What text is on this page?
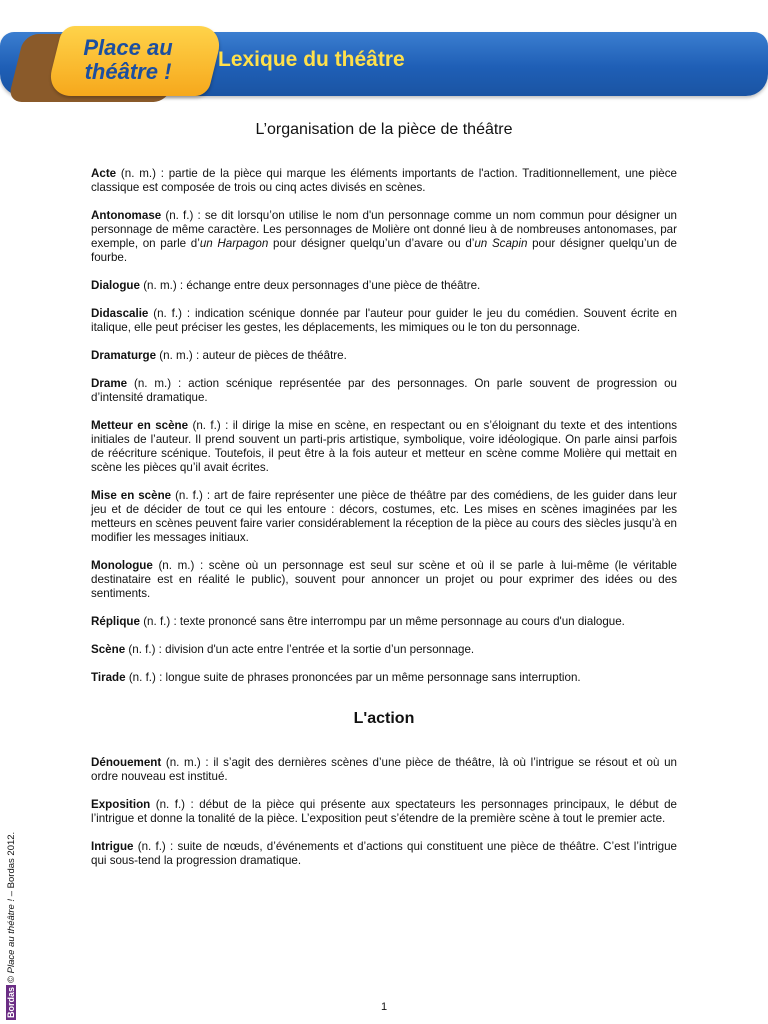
Place au
théâtre !	Lexique du théâtre
L’organisation de la pièce de théâtre

Acte (n. m.) : partie de la pièce qui marque les éléments importants de l'action. Traditionnellement, une pièce classique est composée de trois ou cinq actes divisés en scènes.

Antonomase (n. f.) : se dit lorsqu’on utilise le nom d'un personnage comme un nom commun pour désigner un personnage de même caractère. Les personnages de Molière ont donné lieu à de nombreuses antonomases, par exemple, on parle d’un Harpagon pour désigner quelqu’un d’avare ou d’un Scapin pour désigner quelqu’un de fourbe.

Dialogue (n. m.) : échange entre deux personnages d’une pièce de théâtre.

Didascalie (n. f.) : indication scénique donnée par l'auteur pour guider le jeu du comédien. Souvent écrite en italique, elle peut préciser les gestes, les déplacements, les mimiques ou le ton du personnage.

Dramaturge (n. m.) : auteur de pièces de théâtre.

Drame (n. m.) : action scénique représentée par des personnages. On parle souvent de progression ou d’intensité dramatique.

Metteur en scène (n. f.) : il dirige la mise en scène, en respectant ou en s’éloignant du texte et des intentions initiales de l’auteur. Il prend souvent un parti-pris artistique, symbolique, voire idéologique. On parle ainsi parfois de réécriture scénique. Toutefois, il peut être à la fois auteur et metteur en scène comme Molière qui mettait en scène les pièces qu’il avait écrites.

Mise en scène (n. f.) : art de faire représenter une pièce de théâtre par des comédiens, de les guider dans leur jeu et de décider de tout ce qui les entoure : décors, costumes, etc. Les mises en scènes imaginées par les metteurs en scènes peuvent faire varier considérablement la réception de la pièce au cours des siècles jusqu’à en modifier les messages initiaux.

Monologue (n. m.) : scène où un personnage est seul sur scène et où il se parle à lui-même (le véritable destinataire est en réalité le public), souvent pour annoncer un projet ou pour exprimer des idées ou des sentiments.

Réplique (n. f.) : texte prononcé sans être interrompu par un même personnage au cours d'un dialogue.

Scène (n. f.) : division d'un acte entre l’entrée et la sortie d’un personnage.

Tirade (n. f.) : longue suite de phrases prononcées par un même personnage sans interruption.

L'action

Dénouement (n. m.) : il s’agit des dernières scènes d’une pièce de théâtre, là où l’intrigue se résout et où un ordre nouveau est institué.

Exposition (n. f.) : début de la pièce qui présente aux spectateurs les personnages principaux, le début de l’intrigue et donne la tonalité de la pièce. L’exposition peut s’étendre de la première scène à tout le premier acte.

Intrigue (n. f.) : suite de nœuds, d’événements et d’actions qui constituent une pièce de théâtre. C’est l’intrigue qui sous-tend la progression dramatique.

Bordas© Place au théâtre ! – Bordas 2012.
1
